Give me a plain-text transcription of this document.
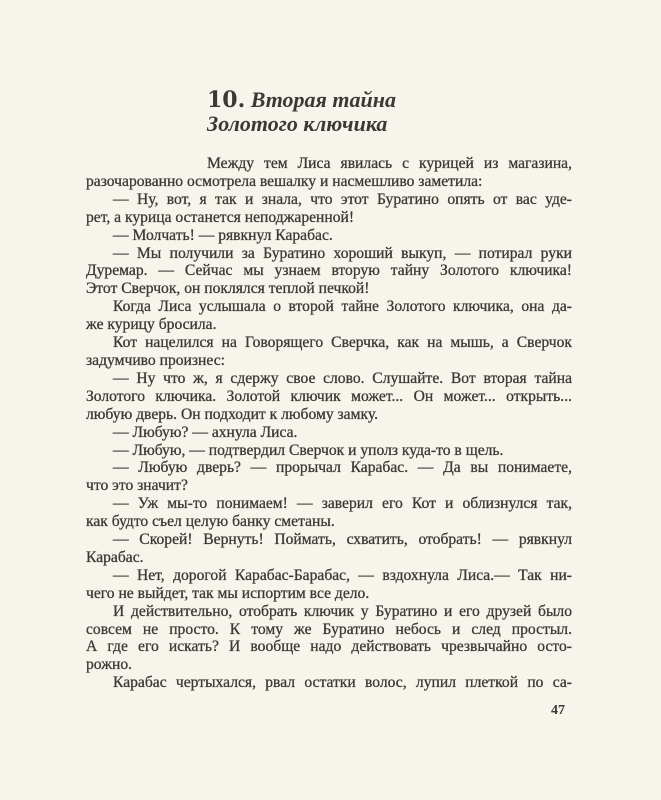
10. Вторая тайна
Золотого ключика
Между тем Лиса явилась с курицей из магазина,
разочарованно осмотрела вешалку и насмешливо заметила:
— Ну, вот, я так и знала, что этот Буратино опять от вас уде-
рет, а курица останется неподжаренной!
— Молчать! — рявкнул Карабас.
— Мы получили за Буратино хороший выкуп, — потирал руки
Дуремар. — Сейчас мы узнаем вторую тайну Золотого ключика!
Этот Сверчок, он поклялся теплой печкой!
Когда Лиса услышала о второй тайне Золотого ключика, она да-
же курицу бросила.
Кот нацелился на Говорящего Сверчка, как на мышь, а Сверчок
задумчиво произнес:
— Ну что ж, я сдержу свое слово. Слушайте. Вот вторая тайна
Золотого ключика. Золотой ключик может... Он может... открыть...
любую дверь. Он подходит к любому замку.
— Любую? — ахнула Лиса.
— Любую, — подтвердил Сверчок и уполз куда-то в щель.
— Любую дверь? — прорычал Карабас. — Да вы понимаете,
что это значит?
— Уж мы-то понимаем! — заверил его Кот и облизнулся так,
как будто съел целую банку сметаны.
— Скорей! Вернуть! Поймать, схватить, отобрать! — рявкнул
Карабас.
— Нет, дорогой Карабас-Барабас, — вздохнула Лиса.— Так ни-
чего не выйдет, так мы испортим все дело.
И действительно, отобрать ключик у Буратино и его друзей было
совсем не просто. К тому же Буратино небось и след простыл.
А где его искать? И вообще надо действовать чрезвычайно осто-
рожно.
Карабас чертыхался, рвал остатки волос, лупил плеткой по са-
47
